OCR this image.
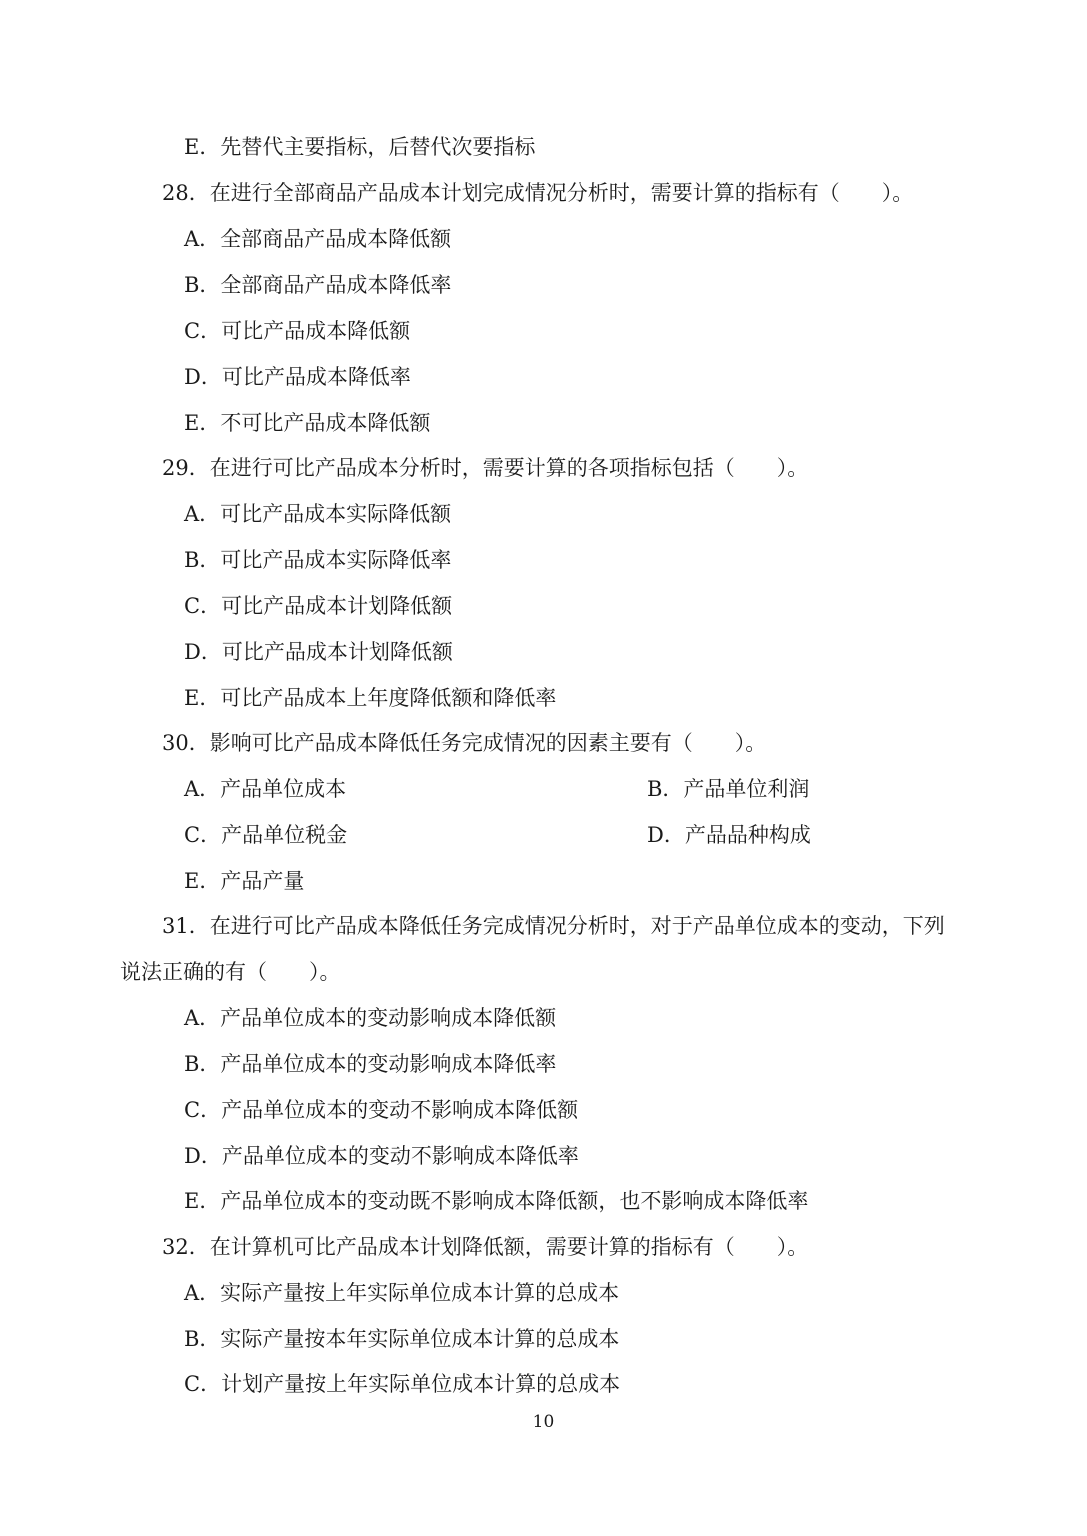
E．先替代主要指标，后替代次要指标
28．在进行全部商品产品成本计划完成情况分析时，需要计算的指标有（　　）。
A．全部商品产品成本降低额
B．全部商品产品成本降低率
C．可比产品成本降低额
D．可比产品成本降低率
E．不可比产品成本降低额
29．在进行可比产品成本分析时，需要计算的各项指标包括（　　）。
A．可比产品成本实际降低额
B．可比产品成本实际降低率
C．可比产品成本计划降低额
D．可比产品成本计划降低额
E．可比产品成本上年度降低额和降低率
30．影响可比产品成本降低任务完成情况的因素主要有（　　）。
A．产品单位成本	B．产品单位利润
C．产品单位税金	D．产品品种构成
E．产品产量
31．在进行可比产品成本降低任务完成情况分析时，对于产品单位成本的变动，下列
说法正确的有（　　）。
A．产品单位成本的变动影响成本降低额
B．产品单位成本的变动影响成本降低率
C．产品单位成本的变动不影响成本降低额
D．产品单位成本的变动不影响成本降低率
E．产品单位成本的变动既不影响成本降低额，也不影响成本降低率
32．在计算机可比产品成本计划降低额，需要计算的指标有（　　）。
A．实际产量按上年实际单位成本计算的总成本
B．实际产量按本年实际单位成本计算的总成本
C．计划产量按上年实际单位成本计算的总成本
10
